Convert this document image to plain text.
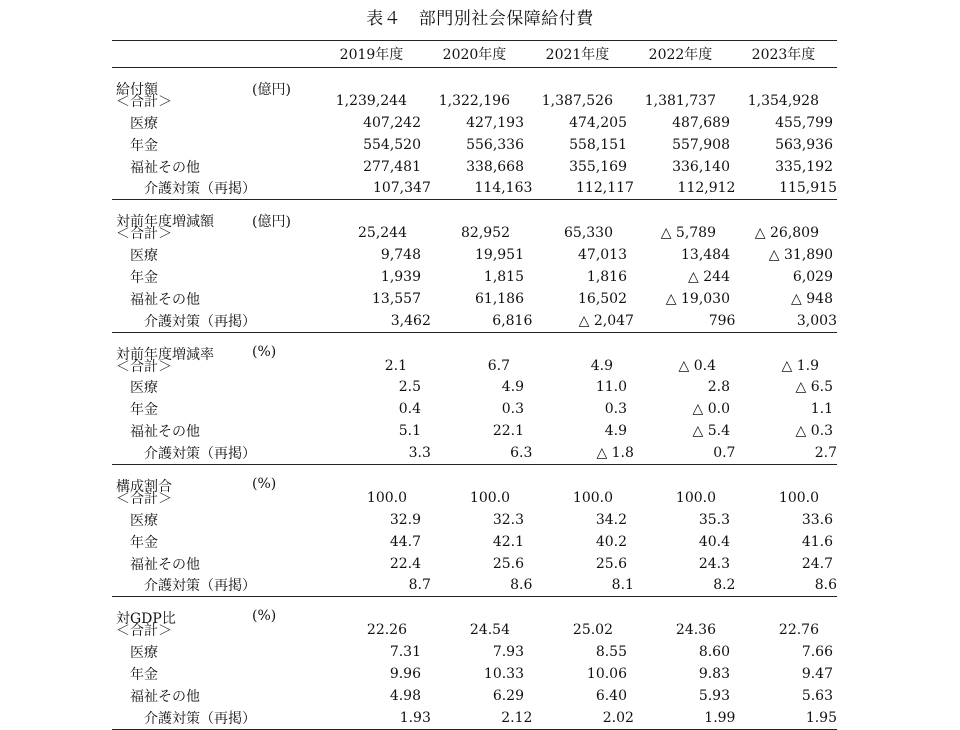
表４　部門別社会保障給付費
2019年度	2020年度	2021年度	2022年度	2023年度
給付額	(億円)
＜合計＞	1,239,244	1,322,196	1,387,526	1,381,737	1,354,928
医療	407,242	427,193	474,205	487,689	455,799
年金	554,520	556,336	558,151	557,908	563,936
福祉その他	277,481	338,668	355,169	336,140	335,192
介護対策（再掲）	107,347	114,163	112,117	112,912	115,915
対前年度増減額	(億円)
＜合計＞	25,244	82,952	65,330	△ 5,789	△ 26,809
医療	9,748	19,951	47,013	13,484	△ 31,890
年金	1,939	1,815	1,816	△ 244	6,029
福祉その他	13,557	61,186	16,502	△ 19,030	△ 948
介護対策（再掲）	3,462	6,816	△ 2,047	796	3,003
対前年度増減率	(%)
＜合計＞	2.1	6.7	4.9	△ 0.4	△ 1.9
医療	2.5	4.9	11.0	2.8	△ 6.5
年金	0.4	0.3	0.3	△ 0.0	1.1
福祉その他	5.1	22.1	4.9	△ 5.4	△ 0.3
介護対策（再掲）	3.3	6.3	△ 1.8	0.7	2.7
構成割合	(%)
＜合計＞	100.0	100.0	100.0	100.0	100.0
医療	32.9	32.3	34.2	35.3	33.6
年金	44.7	42.1	40.2	40.4	41.6
福祉その他	22.4	25.6	25.6	24.3	24.7
介護対策（再掲）	8.7	8.6	8.1	8.2	8.6
対GDP比	(%)
＜合計＞	22.26	24.54	25.02	24.36	22.76
医療	7.31	7.93	8.55	8.60	7.66
年金	9.96	10.33	10.06	9.83	9.47
福祉その他	4.98	6.29	6.40	5.93	5.63
介護対策（再掲）	1.93	2.12	2.02	1.99	1.95
